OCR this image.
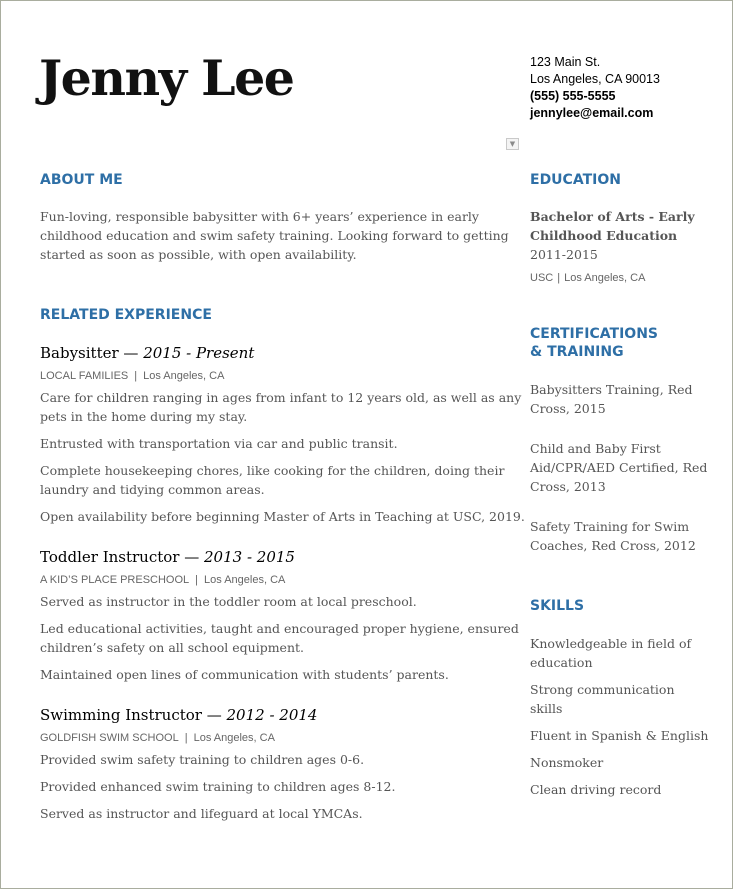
Jenny Lee	123 Main St.
Los Angeles, CA 90013
(555) 555-5555
jennylee@email.com
▼
ABOUT ME
Fun-loving, responsible babysitter with 6+ years’ experience in early
childhood education and swim safety training. Looking forward to getting
started as soon as possible, with open availability.
RELATED EXPERIENCE
Babysitter — 2015 - Present
LOCAL FAMILIES | Los Angeles, CA
Care for children ranging in ages from infant to 12 years old, as well as any
pets in the home during my stay.
Entrusted with transportation via car and public transit.
Complete housekeeping chores, like cooking for the children, doing their
laundry and tidying common areas.
Open availability before beginning Master of Arts in Teaching at USC, 2019.
Toddler Instructor — 2013 - 2015
A KID’S PLACE PRESCHOOL | Los Angeles, CA
Served as instructor in the toddler room at local preschool.
Led educational activities, taught and encouraged proper hygiene, ensured
children’s safety on all school equipment.
Maintained open lines of communication with students’ parents.
Swimming Instructor — 2012 - 2014
GOLDFISH SWIM SCHOOL | Los Angeles, CA
Provided swim safety training to children ages 0-6.
Provided enhanced swim training to children ages 8-12.
Served as instructor and lifeguard at local YMCAs.
EDUCATION
Bachelor of Arts - Early
Childhood Education
2011-2015
USC | Los Angeles, CA
CERTIFICATIONS
& TRAINING
Babysitters Training, Red
Cross, 2015
Child and Baby First
Aid/CPR/AED Certified, Red
Cross, 2013
Safety Training for Swim
Coaches, Red Cross, 2012
SKILLS
Knowledgeable in field of
education
Strong communication
skills
Fluent in Spanish & English
Nonsmoker
Clean driving record
